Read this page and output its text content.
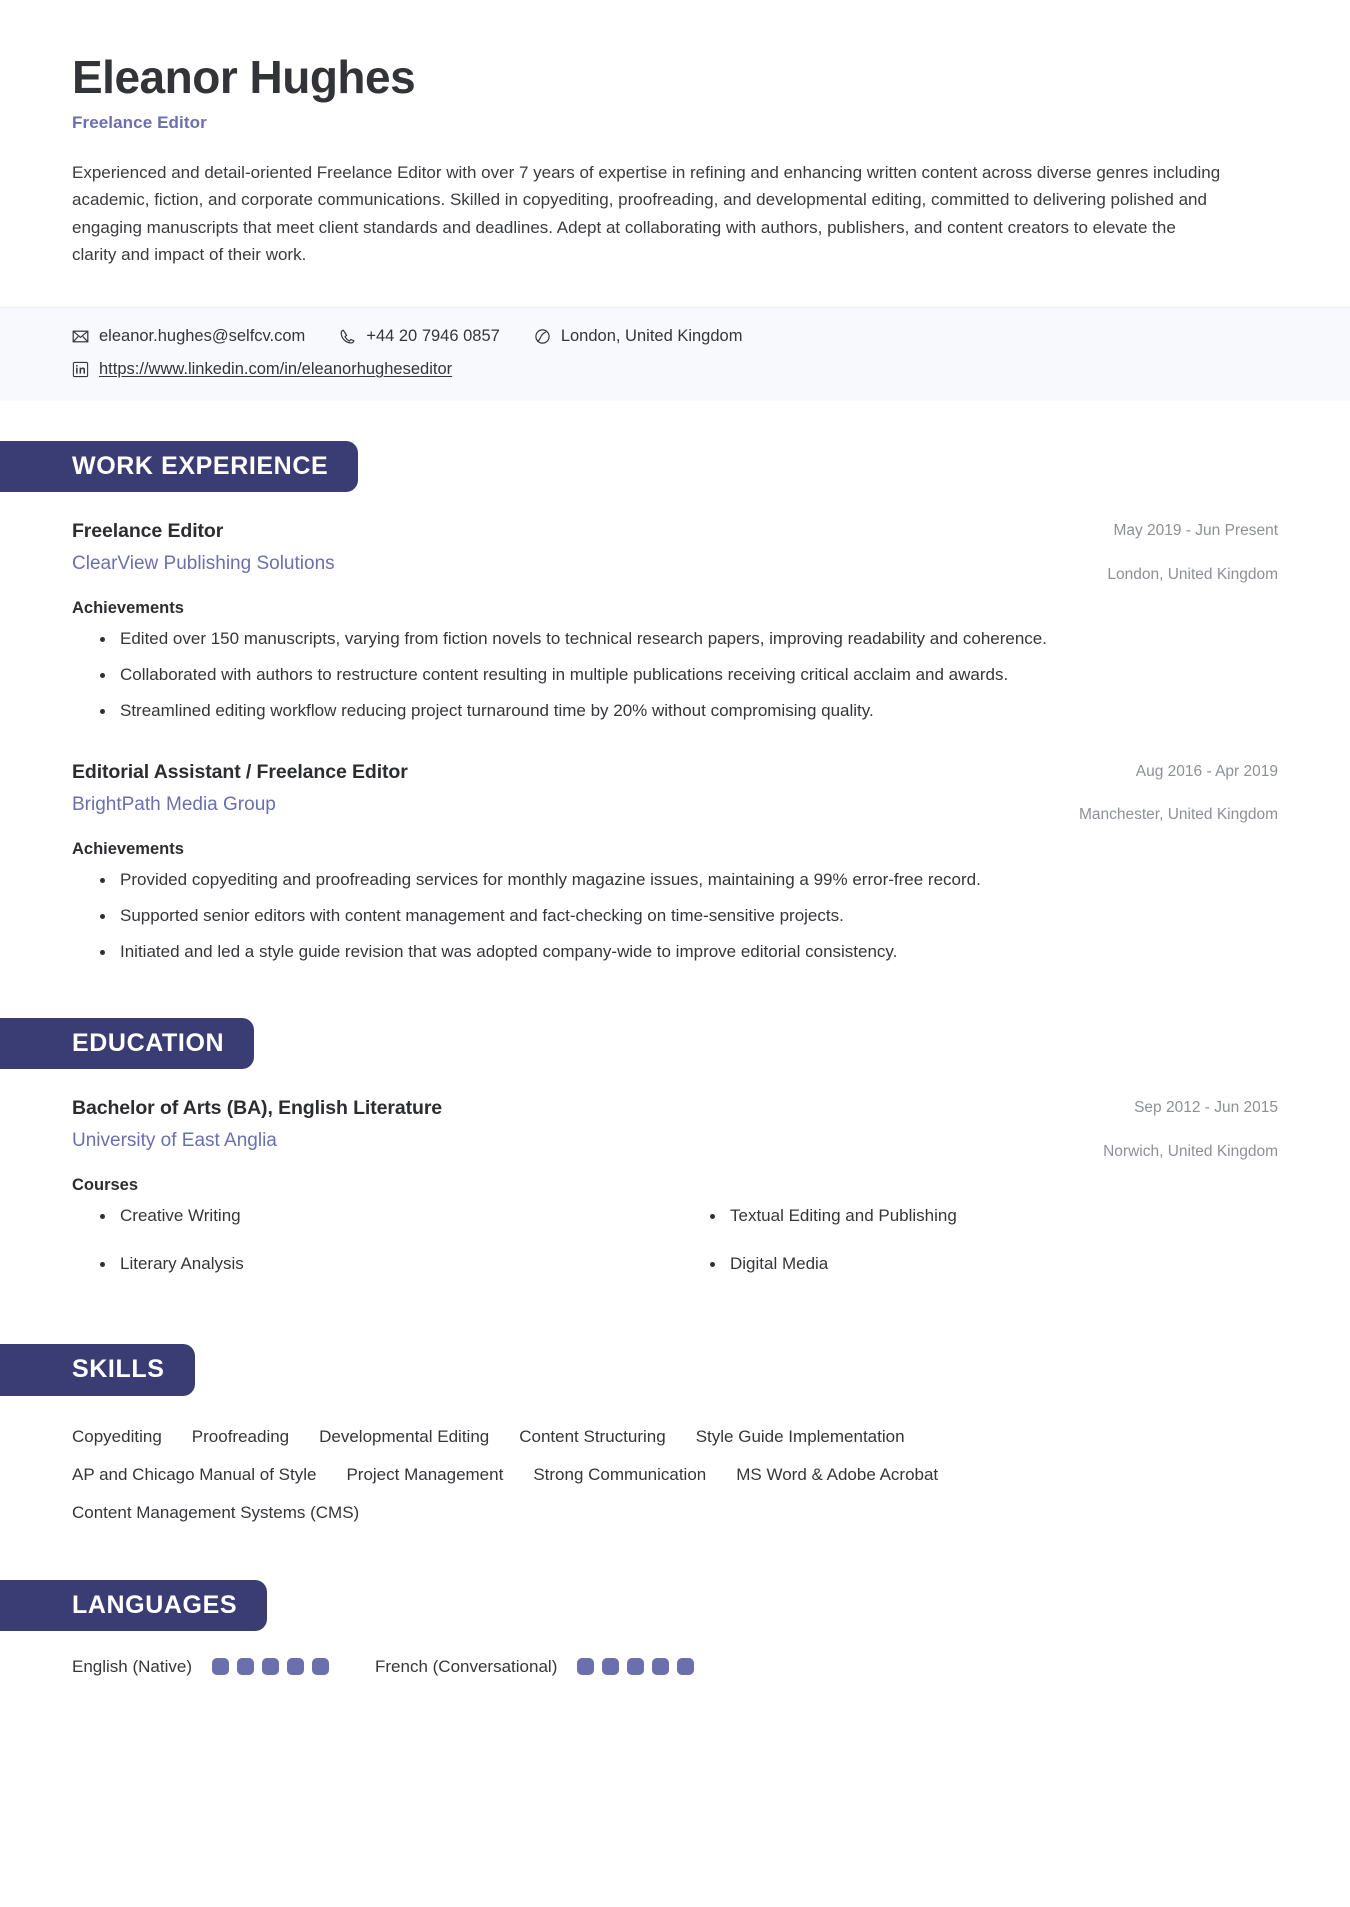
Eleanor Hughes
Freelance Editor

Experienced and detail-oriented Freelance Editor with over 7 years of expertise in refining and enhancing written content across diverse genres including academic, fiction, and corporate communications. Skilled in copyediting, proofreading, and developmental editing, committed to delivering polished and engaging manuscripts that meet client standards and deadlines. Adept at collaborating with authors, publishers, and content creators to elevate the clarity and impact of their work.

eleanor.hughes@selfcv.com	+44 20 7946 0857	London, United Kingdom
https://www.linkedin.com/in/eleanorhugheseditor
WORK EXPERIENCE
Freelance Editor
ClearView Publishing Solutions
May 2019 - Jun Present
London, United Kingdom
Achievements
Edited over 150 manuscripts, varying from fiction novels to technical research papers, improving readability and coherence.
Collaborated with authors to restructure content resulting in multiple publications receiving critical acclaim and awards.
Streamlined editing workflow reducing project turnaround time by 20% without compromising quality.
Editorial Assistant / Freelance Editor
BrightPath Media Group
Aug 2016 - Apr 2019
Manchester, United Kingdom
Achievements
Provided copyediting and proofreading services for monthly magazine issues, maintaining a 99% error-free record.
Supported senior editors with content management and fact-checking on time-sensitive projects.
Initiated and led a style guide revision that was adopted company-wide to improve editorial consistency.
EDUCATION
Bachelor of Arts (BA), English Literature
University of East Anglia
Sep 2012 - Jun 2015
Norwich, United Kingdom
Courses
Creative Writing	Textual Editing and Publishing
Literary Analysis	Digital Media
SKILLS
Copyediting Proofreading Developmental Editing Content Structuring Style Guide Implementation
AP and Chicago Manual of Style Project Management Strong Communication MS Word & Adobe Acrobat
Content Management Systems (CMS)
LANGUAGES
English (Native)	French (Conversational)
